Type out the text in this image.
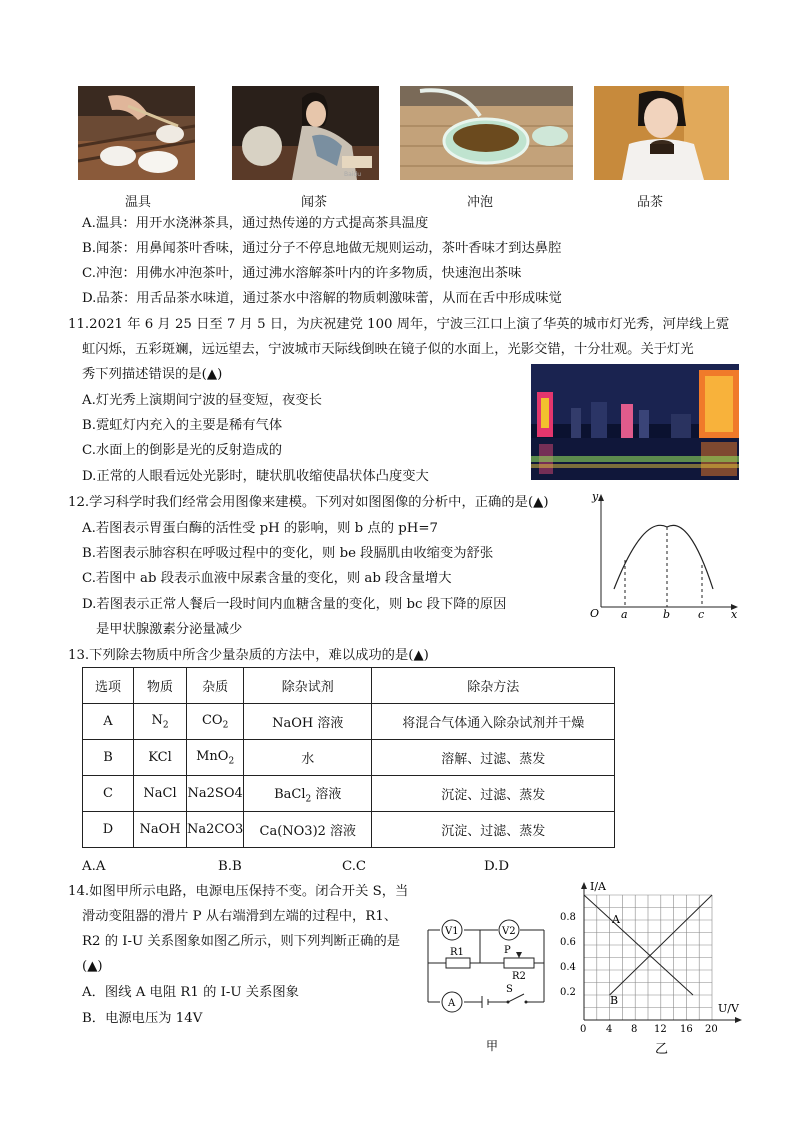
Baidu
温具	闻茶	冲泡	品茶
A.温具：用开水浇淋茶具，通过热传递的方式提高茶具温度
B.闻茶：用鼻闻茶叶香味，通过分子不停息地做无规则运动，茶叶香味才到达鼻腔
C.冲泡：用佛水冲泡茶叶，通过沸水溶解茶叶内的许多物质，快速泡出茶味
D.品茶：用舌品茶水味道，通过茶水中溶解的物质刺激味蕾，从而在舌中形成味觉
11.2021 年 6 月 25 日至 7 月 5 日，为庆祝建党 100 周年，宁波三江口上演了华英的城市灯光秀，河岸线上霓
虹闪烁，五彩斑斓，远远望去，宁波城市天际线倒映在镜子似的水面上，光影交错，十分壮观。关于灯光
秀下列描述错误的是(▲)
A.灯光秀上演期间宁波的昼变短，夜变长
B.霓虹灯内充入的主要是稀有气体
C.水面上的倒影是光的反射造成的
D.正常的人眼看远处光影时，睫状肌收缩使晶状体凸度变大
12.学习科学时我们经常会用图像来建模。下列对如图图像的分析中，正确的是(▲)
A.若图表示胃蛋白酶的活性受 pH 的影响，则 b 点的 pH=7
B.若图表示肺容积在呼吸过程中的变化，则 be 段膈肌由收缩变为舒张
C.若图中 ab 段表示血液中尿素含量的变化，则 ab 段含量增大
D.若图表示正常人餐后一段时间内血糖含量的变化，则 bc 段下降的原因
是甲状腺激素分泌量减少
y
O a	b	c x
13.下列除去物质中所含少量杂质的方法中，难以成功的是(▲)
选项	物质	杂质	除杂试剂	除杂方法
A	$N_2$	$CO_2$	NaOH 溶液	将混合气体通入除杂试剂并干燥
B	KCl	MnO$_2$	水	溶解、过滤、蒸发
C	NaCl	Na2SO4	BaCl$_2$ 溶液	沉淀、过滤、蒸发
D	NaOH	Na2CO3	Ca(NO3)2 溶液	沉淀、过滤、蒸发
A.A	B.B	C.C	D.D
14.如图甲所示电路，电源电压保持不变。闭合开关 S，当
滑动变阻器的滑片 P 从右端滑到左端的过程中，R1、
R2 的 I-U 关系图象如图乙所示，则下列判断正确的是
(▲)
A．图线 A 电阻 R1 的 I-U 关系图象
B．电源电压为 14V
V1	V2
R1	P
R2
A
S
甲
I/A
0.8
0.6
0.4
0.2
0 4 8 12 16 20
U/V
A
B
乙
